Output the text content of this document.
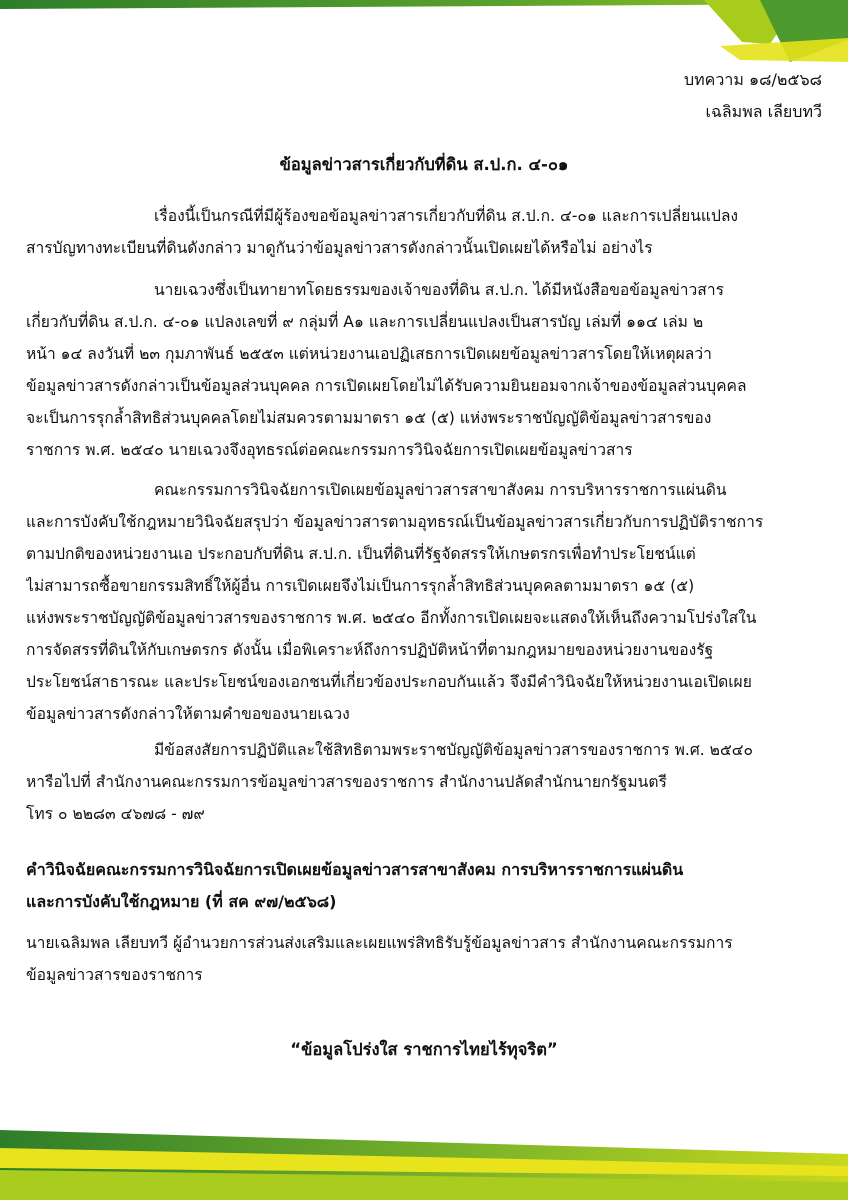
บทความ ๑๘/๒๕๖๘
เฉลิมพล เลียบทวี
ข้อมูลข่าวสารเกี่ยวกับที่ดิน ส.ป.ก. ๔-๐๑
เรื่องนี้เป็นกรณีที่มีผู้ร้องขอข้อมูลข่าวสารเกี่ยวกับที่ดิน ส.ป.ก. ๔-๐๑ และการเปลี่ยนแปลง
สารบัญทางทะเบียนที่ดินดังกล่าว มาดูกันว่าข้อมูลข่าวสารดังกล่าวนั้นเปิดเผยได้หรือไม่ อย่างไร
นายเฉวงซึ่งเป็นทายาทโดยธรรมของเจ้าของที่ดิน ส.ป.ก. ได้มีหนังสือขอข้อมูลข่าวสาร
เกี่ยวกับที่ดิน ส.ป.ก. ๔-๐๑ แปลงเลขที่ ๙ กลุ่มที่ A๑ และการเปลี่ยนแปลงเป็นสารบัญ เล่มที่ ๑๑๔ เล่ม ๒
หน้า ๑๔ ลงวันที่ ๒๓ กุมภาพันธ์ ๒๕๕๓ แต่หน่วยงานเอปฏิเสธการเปิดเผยข้อมูลข่าวสารโดยให้เหตุผลว่า
ข้อมูลข่าวสารดังกล่าวเป็นข้อมูลส่วนบุคคล การเปิดเผยโดยไม่ได้รับความยินยอมจากเจ้าของข้อมูลส่วนบุคคล
จะเป็นการรุกล้ำสิทธิส่วนบุคคลโดยไม่สมควรตามมาตรา ๑๕ (๕) แห่งพระราชบัญญัติข้อมูลข่าวสารของ
ราชการ พ.ศ. ๒๕๔๐ นายเฉวงจึงอุทธรณ์ต่อคณะกรรมการวินิจฉัยการเปิดเผยข้อมูลข่าวสาร
คณะกรรมการวินิจฉัยการเปิดเผยข้อมูลข่าวสารสาขาสังคม การบริหารราชการแผ่นดิน
และการบังคับใช้กฎหมายวินิจฉัยสรุปว่า ข้อมูลข่าวสารตามอุทธรณ์เป็นข้อมูลข่าวสารเกี่ยวกับการปฏิบัติราชการ
ตามปกติของหน่วยงานเอ ประกอบกับที่ดิน ส.ป.ก. เป็นที่ดินที่รัฐจัดสรรให้เกษตรกรเพื่อทำประโยชน์แต่
ไม่สามารถซื้อขายกรรมสิทธิ์ให้ผู้อื่น การเปิดเผยจึงไม่เป็นการรุกล้ำสิทธิส่วนบุคคลตามมาตรา ๑๕ (๕)
แห่งพระราชบัญญัติข้อมูลข่าวสารของราชการ พ.ศ. ๒๕๔๐ อีกทั้งการเปิดเผยจะแสดงให้เห็นถึงความโปร่งใสใน
การจัดสรรที่ดินให้กับเกษตรกร ดังนั้น เมื่อพิเคราะห์ถึงการปฏิบัติหน้าที่ตามกฎหมายของหน่วยงานของรัฐ
ประโยชน์สาธารณะ และประโยชน์ของเอกชนที่เกี่ยวข้องประกอบกันแล้ว จึงมีคำวินิจฉัยให้หน่วยงานเอเปิดเผย
ข้อมูลข่าวสารดังกล่าวให้ตามคำขอของนายเฉวง
มีข้อสงสัยการปฏิบัติและใช้สิทธิตามพระราชบัญญัติข้อมูลข่าวสารของราชการ พ.ศ. ๒๕๔๐
หารือไปที่ สำนักงานคณะกรรมการข้อมูลข่าวสารของราชการ สำนักงานปลัดสำนักนายกรัฐมนตรี
โทร ๐ ๒๒๘๓ ๔๖๗๘ - ๗๙
คำวินิจฉัยคณะกรรมการวินิจฉัยการเปิดเผยข้อมูลข่าวสารสาขาสังคม การบริหารราชการแผ่นดิน
และการบังคับใช้กฎหมาย (ที่ สค ๙๗/๒๕๖๘)
นายเฉลิมพล เลียบทวี ผู้อำนวยการส่วนส่งเสริมและเผยแพร่สิทธิรับรู้ข้อมูลข่าวสาร สำนักงานคณะกรรมการ
ข้อมูลข่าวสารของราชการ
“ข้อมูลโปร่งใส ราชการไทยไร้ทุจริต”
